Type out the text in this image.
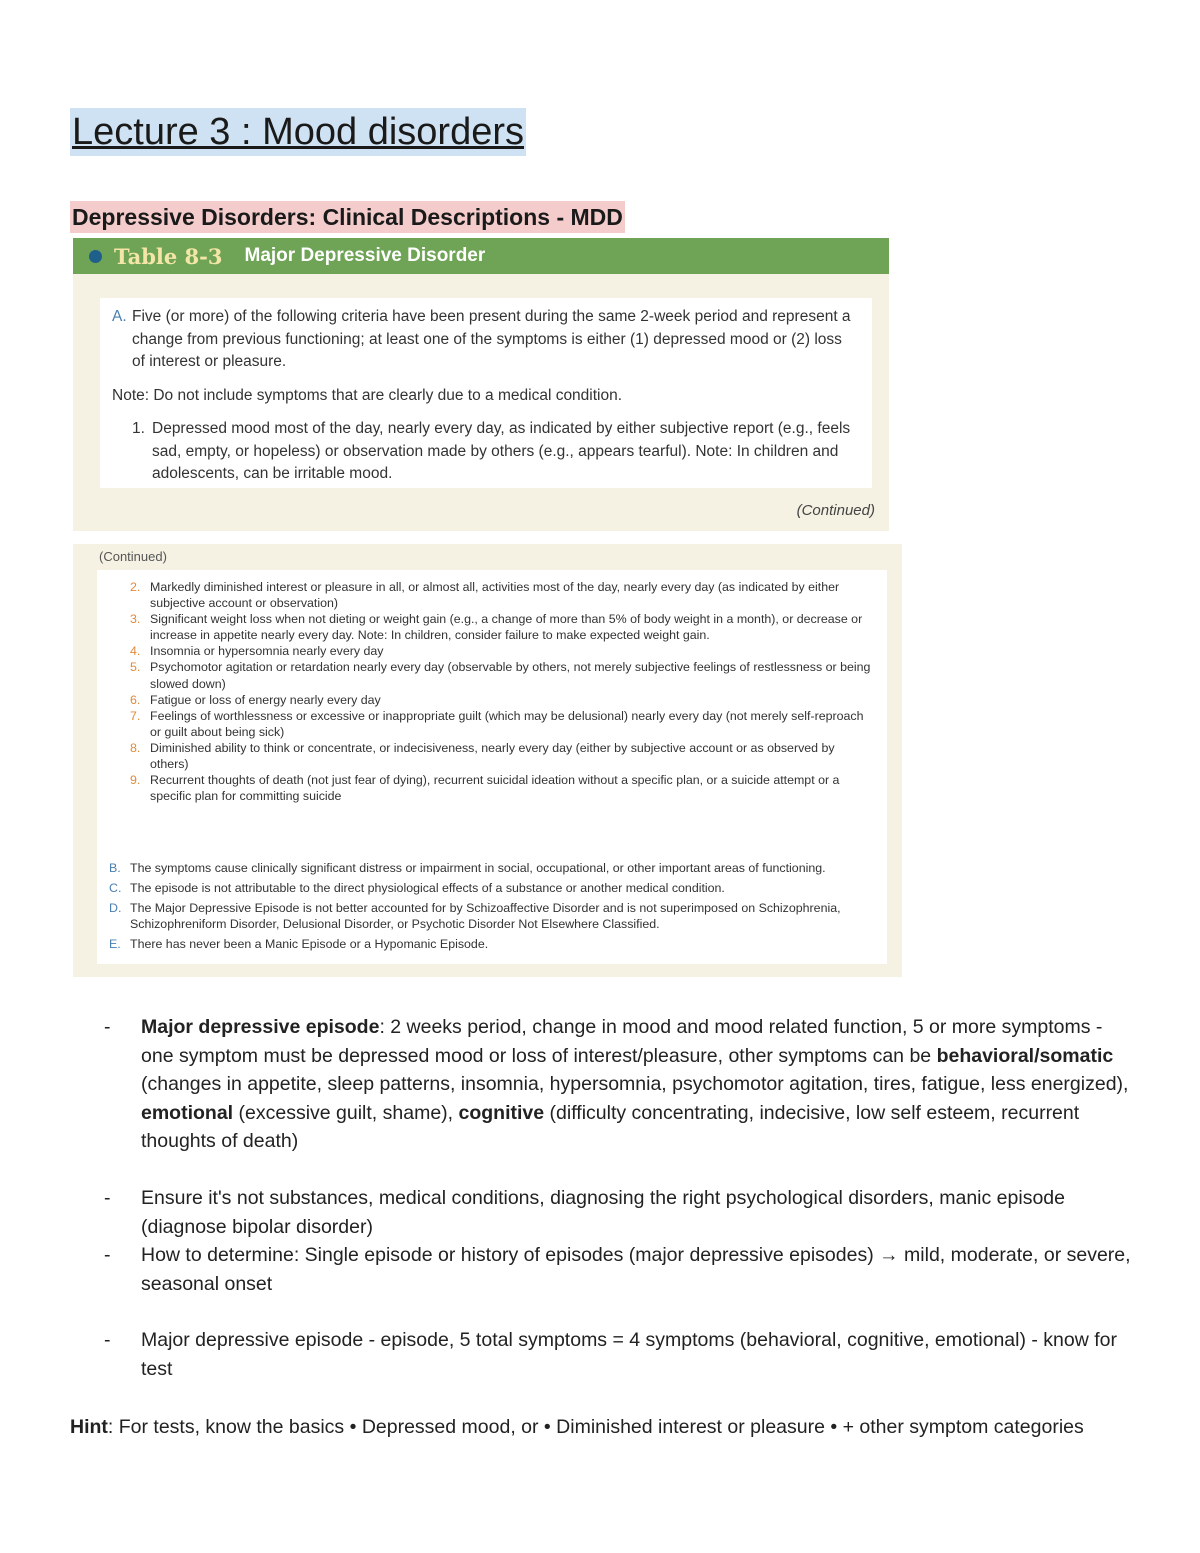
Lecture 3 : Mood disorders
Depressive Disorders: Clinical Descriptions - MDD
Table 8-3 Major Depressive Disorder
A. Five (or more) of the following criteria have been present during the same 2-week period and represent a change from previous functioning; at least one of the symptoms is either (1) depressed mood or (2) loss of interest or pleasure.
Note: Do not include symptoms that are clearly due to a medical condition.
1. Depressed mood most of the day, nearly every day, as indicated by either subjective report (e.g., feels sad, empty, or hopeless) or observation made by others (e.g., appears tearful). Note: In children and adolescents, can be irritable mood.
(Continued)
(Continued)
2. Markedly diminished interest or pleasure in all, or almost all, activities most of the day, nearly every day (as indicated by either subjective account or observation)
3. Significant weight loss when not dieting or weight gain (e.g., a change of more than 5% of body weight in a month), or decrease or increase in appetite nearly every day. Note: In children, consider failure to make expected weight gain.
4. Insomnia or hypersomnia nearly every day
5. Psychomotor agitation or retardation nearly every day (observable by others, not merely subjective feelings of restlessness or being slowed down)
6. Fatigue or loss of energy nearly every day
7. Feelings of worthlessness or excessive or inappropriate guilt (which may be delusional) nearly every day (not merely self-reproach or guilt about being sick)
8. Diminished ability to think or concentrate, or indecisiveness, nearly every day (either by subjective account or as observed by others)
9. Recurrent thoughts of death (not just fear of dying), recurrent suicidal ideation without a specific plan, or a suicide attempt or a specific plan for committing suicide
B. The symptoms cause clinically significant distress or impairment in social, occupational, or other important areas of functioning.
C. The episode is not attributable to the direct physiological effects of a substance or another medical condition.
D. The Major Depressive Episode is not better accounted for by Schizoaffective Disorder and is not superimposed on Schizophrenia, Schizophreniform Disorder, Delusional Disorder, or Psychotic Disorder Not Elsewhere Classified.
E. There has never been a Manic Episode or a Hypomanic Episode.
- Major depressive episode: 2 weeks period, change in mood and mood related function, 5 or more symptoms - one symptom must be depressed mood or loss of interest/pleasure, other symptoms can be behavioral/somatic (changes in appetite, sleep patterns, insomnia, hypersomnia, psychomotor agitation, tires, fatigue, less energized), emotional (excessive guilt, shame), cognitive (difficulty concentrating, indecisive, low self esteem, recurrent thoughts of death)
- Ensure it's not substances, medical conditions, diagnosing the right psychological disorders, manic episode (diagnose bipolar disorder)
- How to determine: Single episode or history of episodes (major depressive episodes) → mild, moderate, or severe, seasonal onset
- Major depressive episode - episode, 5 total symptoms = 4 symptoms (behavioral, cognitive, emotional) - know for test

Hint: For tests, know the basics • Depressed mood, or • Diminished interest or pleasure • + other symptom categories
